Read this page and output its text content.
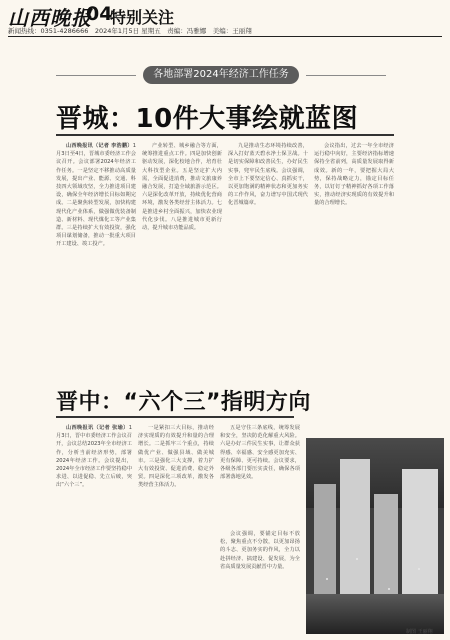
山西晚报
04
特别关注
新闻热线：0351-4286666　2024年1月5日 星期五　责编：冯雅娜　美编：王丽翔
各地部署2024年经济工作任务
晋城：10件大事绘就蓝图

山西晚报讯（记者 李浩鹏）1月3日至4日，晋城市委经济工作会议召开。会议部署2024年经济工作任务。一是坚定不移推动高质量发展，提出产业、能源、交通、科技四大领域攻坚，全力推进项目建设，确保全年经济增长目标如期完成。二是聚焦转型发展，加快构建现代化产业体系，做强做优装备制造、新材料、现代煤化工等产业集群。三是持续扩大有效投资，强化项目谋划储备，推动一批重大项目开工建设、竣工投产。

产业转型、城乡融合等方面，统筹推进重点工作。四是加快创新驱动发展，深化校地合作，培育壮大科技型企业。五是坚定扩大内需，全面促进消费，推动文旅康养融合发展，打造全域旅游示范区。六是深化改革开放，持续优化营商环境，激发各类经营主体活力。七是推进乡村全面振兴，加快农业现代化步伐。八是推进城市更新行动，提升城市功能品质。

九是推动生态环境持续改善，深入打好蓝天碧水净土保卫战。十是切实保障和改善民生，办好民生实事，兜牢民生底线。会议强调，全市上下要坚定信心、真抓实干，以更加饱满的精神状态和更加务实的工作作风，奋力谱写中国式现代化晋城篇章。

会议指出，过去一年全市经济运行稳中向好，主要经济指标增速保持全省前列，高质量发展取得新成效。新的一年，要把握大局大势，保持战略定力，锚定目标任务，以钉钉子精神抓好各项工作落实，推动经济实现质的有效提升和量的合理增长。

晋中：“六个三”指明方向

山西晚报讯（记者 张瑜）1月3日，晋中市委经济工作会议召开，会议总结2023年全市经济工作，分析当前经济形势，部署2024年经济工作。会议提出，2024年全市经济工作要坚持稳中求进、以进促稳、先立后破，突出“六个三”。

一是紧扣三大目标，推动经济实现质的有效提升和量的合理增长。二是抓牢三个重点，持续做优产业、做强县域、做美城市。三是强化三大支撑，着力扩大有效投资、促进消费、稳定外贸。四是深化三项改革，激发各类经营主体活力。

五是守住三条底线，统筹发展和安全，坚决防范化解重大风险。六是办好三件民生实事，让群众获得感、幸福感、安全感更加充实、更有保障、更可持续。会议要求，各级各部门要压实责任，确保各项部署落地见效。

会议强调，要锚定目标不放松，聚焦重点不分散，以更加昂扬的斗志、更加务实的作风，全力以赴拼经济、搞建设、促发展，为全省高质量发展贡献晋中力量。

制图 王丽翔
